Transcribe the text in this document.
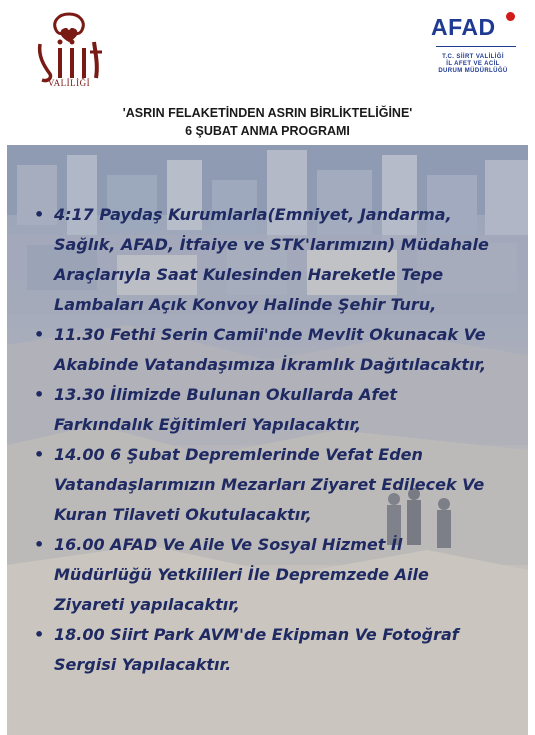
VALİLİĞİ
AFAD
T.C. SİİRT VALİLİĞİ
İL AFET VE ACİL
DURUM MÜDÜRLÜĞÜ
'ASRIN FELAKETİNDEN ASRIN BİRLİKTELİĞİNE'
6 ŞUBAT ANMA PROGRAMI
• 4:17 Paydaş Kurumlarla(Emniyet, Jandarma,
Sağlık, AFAD, İtfaiye ve STK'larımızın) Müdahale
Araçlarıyla Saat Kulesinden Hareketle Tepe
Lambaları Açık Konvoy Halinde Şehir Turu,
• 11.30 Fethi Serin Camii'nde Mevlit Okunacak Ve
Akabinde Vatandaşımıza İkramlık Dağıtılacaktır,
• 13.30 İlimizde Bulunan Okullarda Afet
Farkındalık Eğitimleri Yapılacaktır,
• 14.00 6 Şubat Depremlerinde Vefat Eden
Vatandaşlarımızın Mezarları Ziyaret Edilecek Ve
Kuran Tilaveti Okutulacaktır,
• 16.00 AFAD Ve Aile Ve Sosyal Hizmet İl
Müdürlüğü Yetkilileri İle Depremzede Aile
Ziyareti yapılacaktır,
• 18.00 Siirt Park AVM'de Ekipman Ve Fotoğraf
Sergisi Yapılacaktır.
